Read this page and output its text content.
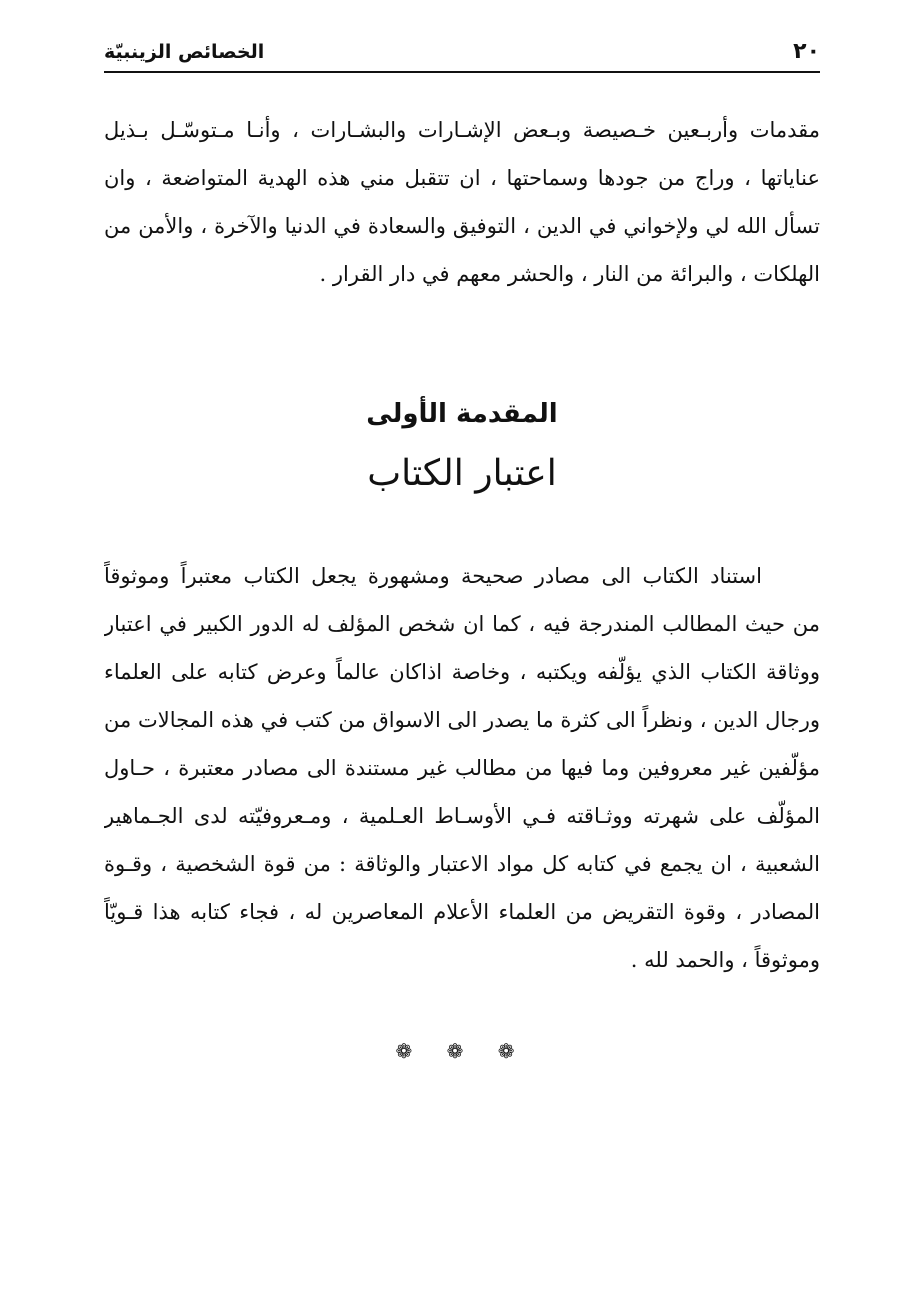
٢٠
الخصائص الزينبيّة
مقدمات وأربـعين خـصيصة وبـعض الإشـارات والبشـارات ، وأنـا مـتوسّـل بـذيل
عناياتها ، وراج من جودها وسماحتها ، ان تتقبل مني هذه الهدية المتواضعة ، وان
تسأل الله لي ولإخواني في الدين ، التوفيق والسعادة في الدنيا والآخرة ، والأمن من
الهلكات ، والبرائة من النار ، والحشر معهم في دار القرار .
المقدمة الأولى
اعتبار الكتاب
استناد الكتاب الى مصادر صحيحة ومشهورة يجعل الكتاب معتبراً وموثوقاً
من حيث المطالب المندرجة فيه ، كما ان شخص المؤلف له الدور الكبير في اعتبار
ووثاقة الكتاب الذي يؤلّفه ويكتبه ، وخاصة اذاكان عالماً وعرض كتابه على العلماء
ورجال الدين ، ونظراً الى كثرة ما يصدر الى الاسواق من كتب في هذه المجالات من
مؤلّفين غير معروفين وما فيها من مطالب غير مستندة الى مصادر معتبرة ، حـاول
المؤلّف على شهرته ووثـاقته فـي الأوسـاط العـلمية ، ومـعروفيّته لدى الجـماهير
الشعبية ، ان يجمع في كتابه كل مواد الاعتبار والوثاقة : من قوة الشخصية ، وقـوة
المصادر ، وقوة التقريض من العلماء الأعلام المعاصرين له ، فجاء كتابه هذا قـويّاً
وموثوقاً ، والحمد لله .
❁ ❁ ❁
